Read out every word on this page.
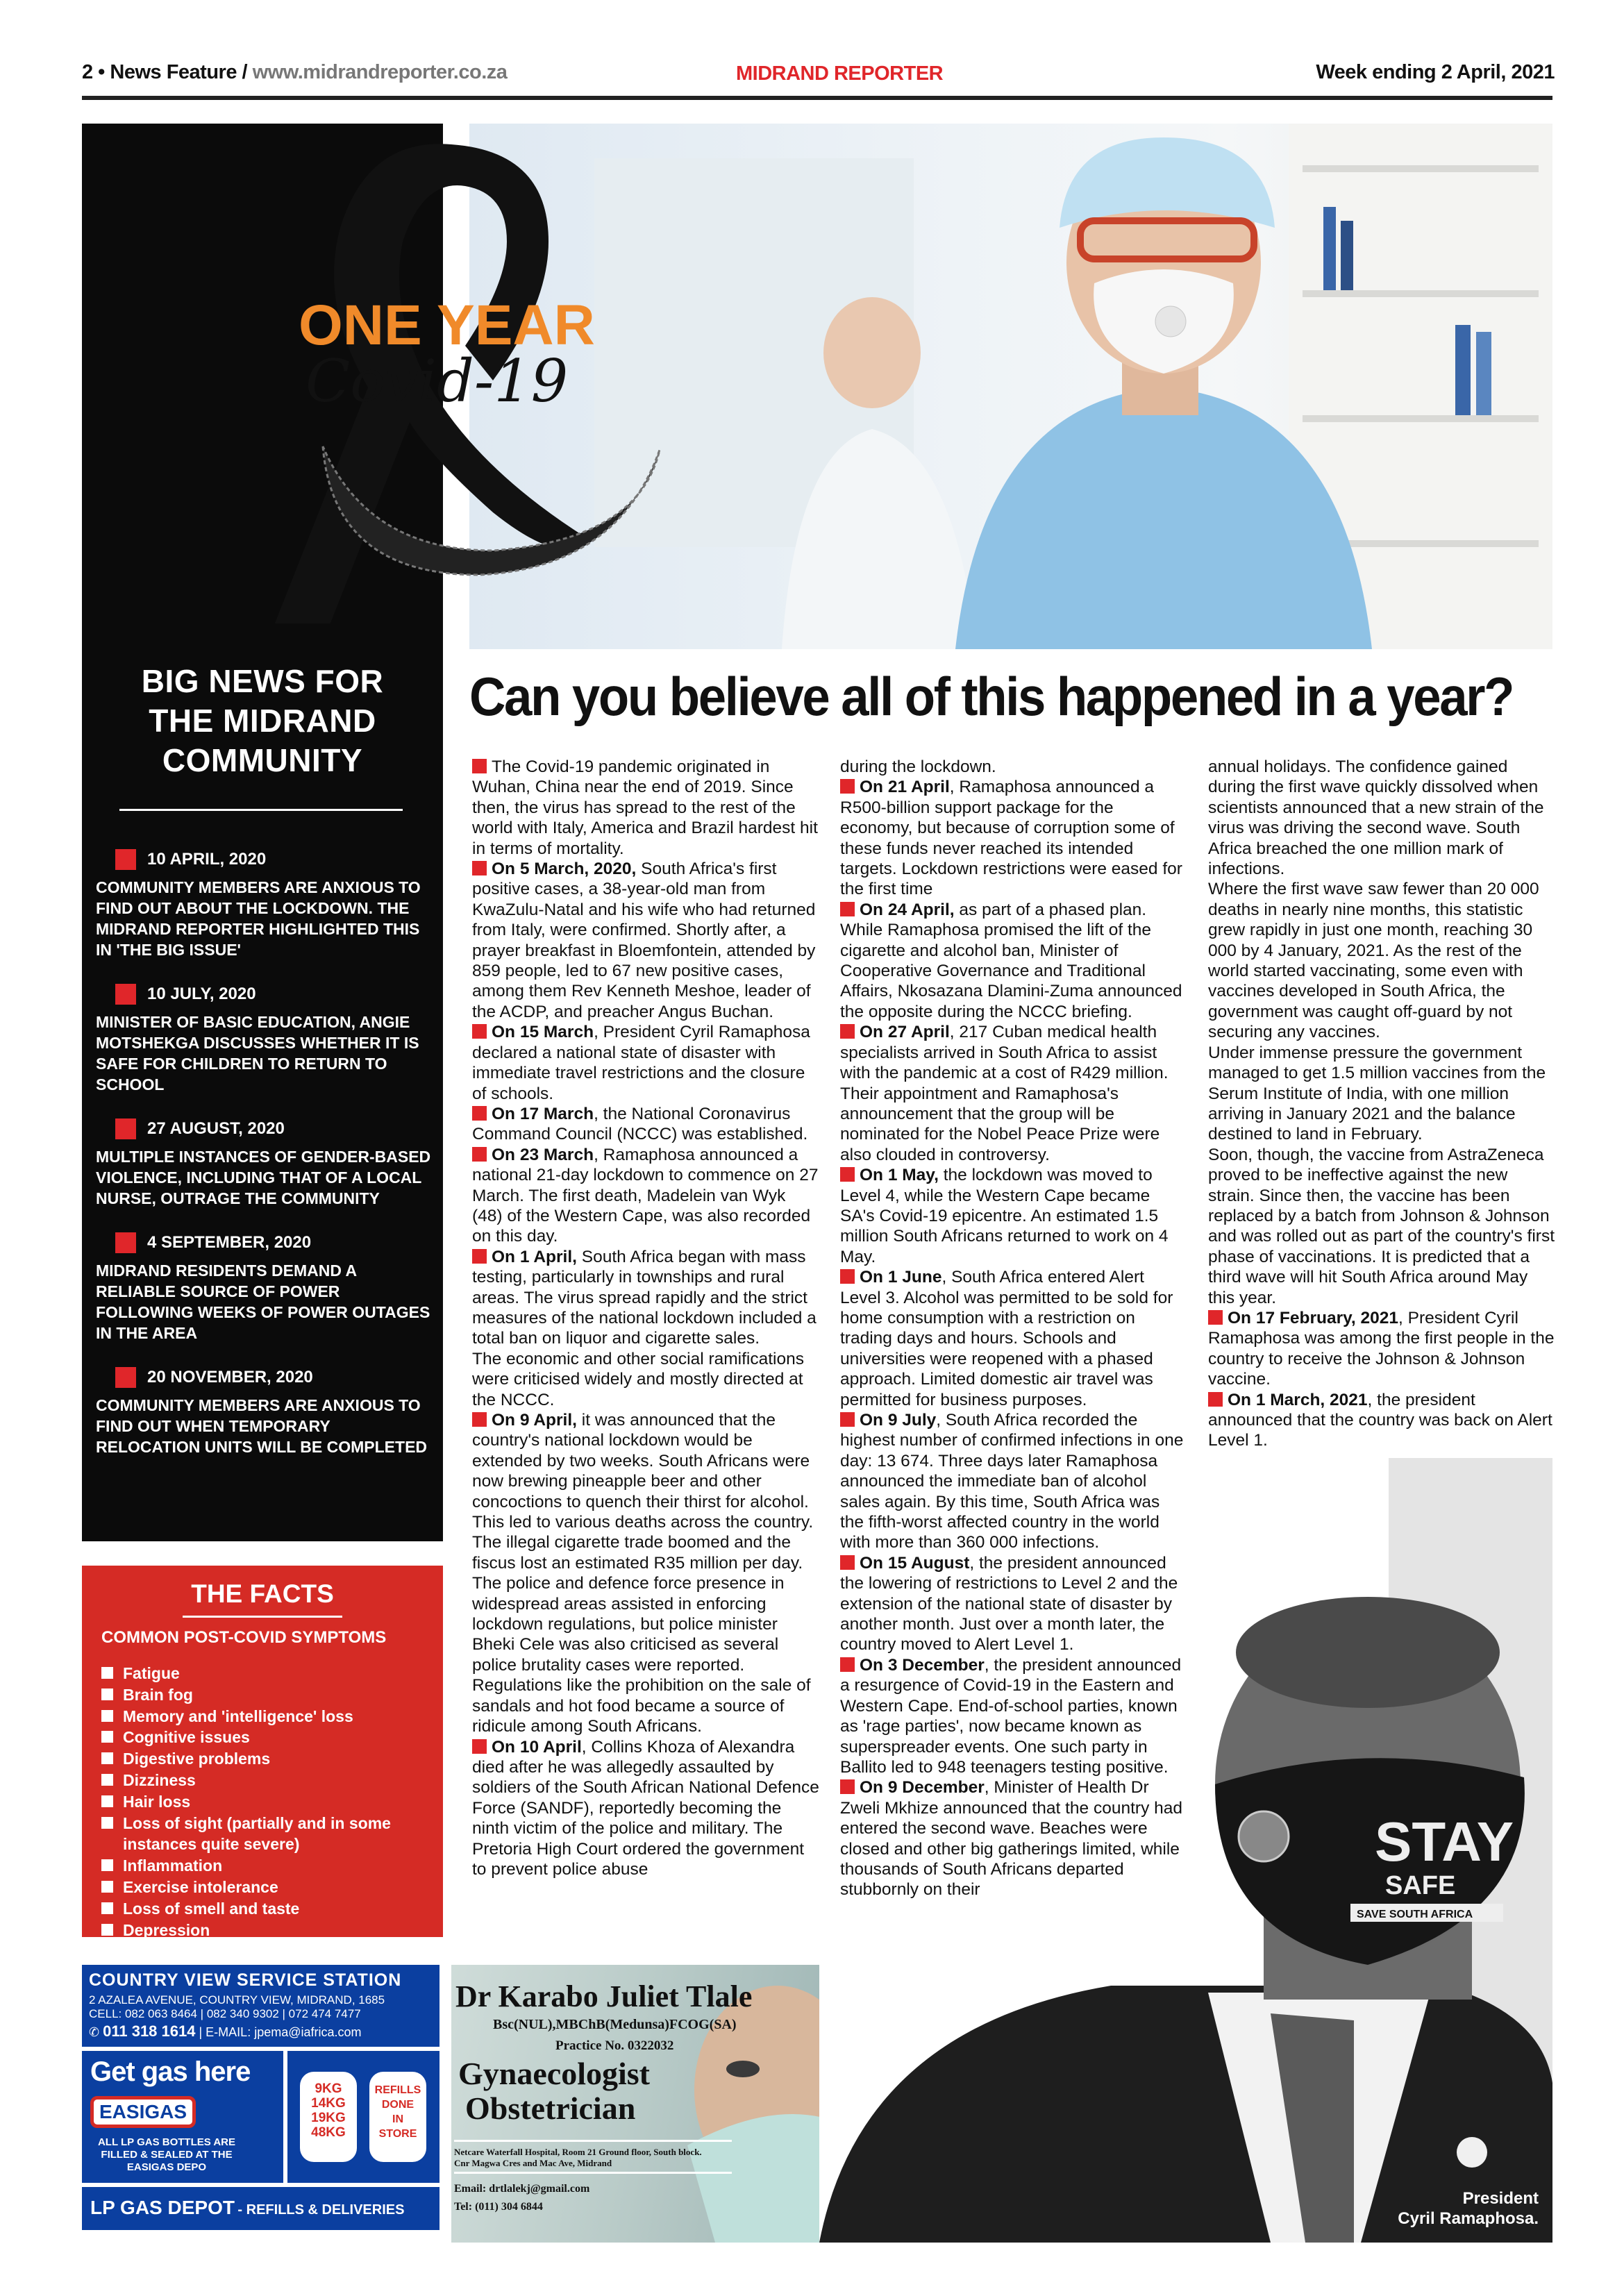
2 • News Feature / www.midrandreporter.co.za	MIDRAND REPORTER	Week ending 2 April, 2021
BIG NEWS FOR
THE MIDRAND
COMMUNITY
10 APRIL, 2020
COMMUNITY MEMBERS ARE ANXIOUS TO FIND OUT ABOUT THE LOCKDOWN. THE MIDRAND REPORTER HIGHLIGHTED THIS IN 'THE BIG ISSUE'
10 JULY, 2020
MINISTER OF BASIC EDUCATION, ANGIE MOTSHEKGA DISCUSSES WHETHER IT IS SAFE FOR CHILDREN TO RETURN TO SCHOOL
27 AUGUST, 2020
MULTIPLE INSTANCES OF GENDER-BASED VIOLENCE, INCLUDING THAT OF A LOCAL NURSE, OUTRAGE THE COMMUNITY
4 SEPTEMBER, 2020
MIDRAND RESIDENTS DEMAND A RELIABLE SOURCE OF POWER FOLLOWING WEEKS OF POWER OUTAGES IN THE AREA
20 NOVEMBER, 2020
COMMUNITY MEMBERS ARE ANXIOUS TO FIND OUT WHEN TEMPORARY RELOCATION UNITS WILL BE COMPLETED
ONE YEAR
Covid-19
Can you believe all of this happened in a year?
STAY
SAFE
SAVE SOUTH AFRICA
President
Cyril Ramaphosa.

The Covid-19 pandemic originated in Wuhan, China near the end of 2019. Since then, the virus has spread to the rest of the world with Italy, America and Brazil hardest hit in terms of mortality.

On 5 March, 2020, South Africa's first positive cases, a 38-year-old man from KwaZulu-Natal and his wife who had returned from Italy, were confirmed. Shortly after, a prayer breakfast in Bloemfontein, attended by 859 people, led to 67 new positive cases, among them Rev Kenneth Meshoe, leader of the ACDP, and preacher Angus Buchan.

On 15 March, President Cyril Ramaphosa declared a national state of disaster with immediate travel restrictions and the closure of schools.

On 17 March, the National Coronavirus Command Council (NCCC) was established.

On 23 March, Ramaphosa announced a national 21-day lockdown to commence on 27 March. The first death, Madelein van Wyk (48) of the Western Cape, was also recorded on this day.

On 1 April, South Africa began with mass testing, particularly in townships and rural areas. The virus spread rapidly and the strict measures of the national lockdown included a total ban on liquor and cigarette sales.

The economic and other social ramifications were criticised widely and mostly directed at the NCCC.

On 9 April, it was announced that the country's national lockdown would be extended by two weeks. South Africans were now brewing pineapple beer and other concoctions to quench their thirst for alcohol. This led to various deaths across the country. The illegal cigarette trade boomed and the fiscus lost an estimated R35 million per day.

The police and defence force presence in widespread areas assisted in enforcing lockdown regulations, but police minister Bheki Cele was also criticised as several police brutality cases were reported. Regulations like the prohibition on the sale of sandals and hot food became a source of ridicule among South Africans.

On 10 April, Collins Khoza of Alexandra died after he was allegedly assaulted by soldiers of the South African National Defence Force (SANDF), reportedly becoming the ninth victim of the police and military. The Pretoria High Court ordered the government to prevent police abuse

during the lockdown.

On 21 April, Ramaphosa announced a R500-billion support package for the economy, but because of corruption some of these funds never reached its intended targets. Lockdown restrictions were eased for the first time

On 24 April, as part of a phased plan. While Ramaphosa promised the lift of the cigarette and alcohol ban, Minister of Cooperative Governance and Traditional Affairs, Nkosazana Dlamini-Zuma announced the opposite during the NCCC briefing.

On 27 April, 217 Cuban medical health specialists arrived in South Africa to assist with the pandemic at a cost of R429 million. Their appointment and Ramaphosa's announcement that the group will be nominated for the Nobel Peace Prize were also clouded in controversy.

On 1 May, the lockdown was moved to Level 4, while the Western Cape became SA's Covid-19 epicentre. An estimated 1.5 million South Africans returned to work on 4 May.

On 1 June, South Africa entered Alert Level 3. Alcohol was permitted to be sold for home consumption with a restriction on trading days and hours. Schools and universities were reopened with a phased approach. Limited domestic air travel was permitted for business purposes.

On 9 July, South Africa recorded the highest number of confirmed infections in one day: 13 674. Three days later Ramaphosa announced the immediate ban of alcohol sales again. By this time, South Africa was the fifth-worst affected country in the world with more than 360 000 infections.

On 15 August, the president announced the lowering of restrictions to Level 2 and the extension of the national state of disaster by another month. Just over a month later, the country moved to Alert Level 1.

On 3 December, the president announced a resurgence of Covid-19 in the Eastern and Western Cape. End-of-school parties, known as 'rage parties', now became known as superspreader events. One such party in Ballito led to 948 teenagers testing positive.

On 9 December, Minister of Health Dr Zweli Mkhize announced that the country had entered the second wave. Beaches were closed and other big gatherings limited, while thousands of South Africans departed stubbornly on their

annual holidays. The confidence gained during the first wave quickly dissolved when scientists announced that a new strain of the virus was driving the second wave. South Africa breached the one million mark of infections.

Where the first wave saw fewer than 20 000 deaths in nearly nine months, this statistic grew rapidly in just one month, reaching 30 000 by 4 January, 2021. As the rest of the world started vaccinating, some even with vaccines developed in South Africa, the government was caught off-guard by not securing any vaccines.

Under immense pressure the government managed to get 1.5 million vaccines from the Serum Institute of India, with one million arriving in January 2021 and the balance destined to land in February.

Soon, though, the vaccine from AstraZeneca proved to be ineffective against the new strain. Since then, the vaccine has been replaced by a batch from Johnson & Johnson and was rolled out as part of the country's first phase of vaccinations. It is predicted that a third wave will hit South Africa around May this year.

On 17 February, 2021, President Cyril Ramaphosa was among the first people in the country to receive the Johnson & Johnson vaccine.

On 1 March, 2021, the president announced that the country was back on Alert Level 1.

THE FACTS
COMMON POST-COVID SYMPTOMS
Fatigue
Brain fog
Memory and 'intelligence' loss
Cognitive issues
Digestive problems
Dizziness
Hair loss
Loss of sight (partially and in some instances quite severe)
Inflammation
Exercise intolerance
Loss of smell and taste
Depression
COUNTRY VIEW SERVICE STATION
2 AZALEA AVENUE, COUNTRY VIEW, MIDRAND, 1685
CELL: 082 063 8464 | 082 340 9302 | 072 474 7477
✆ 011 318 1614 | E-MAIL: jpema@iafrica.com
Get gas here
EASIGAS
ALL LP GAS BOTTLES ARE FILLED & SEALED AT THE EASIGAS DEPO
9KG
14KG
19KG
48KG
REFILLS
DONE
IN
STORE
LP GAS DEPOT - REFILLS & DELIVERIES
Dr Karabo Juliet Tlale
Bsc(NUL),MBChB(Medunsa)FCOG(SA)
Practice No. 0322032
Gynaecologist
Obstetrician
Netcare Waterfall Hospital, Room 21 Ground floor, South block.
Cnr Magwa Cres and Mac Ave, Midrand
Email: drtlalekj@gmail.com
Tel: (011) 304 6844
